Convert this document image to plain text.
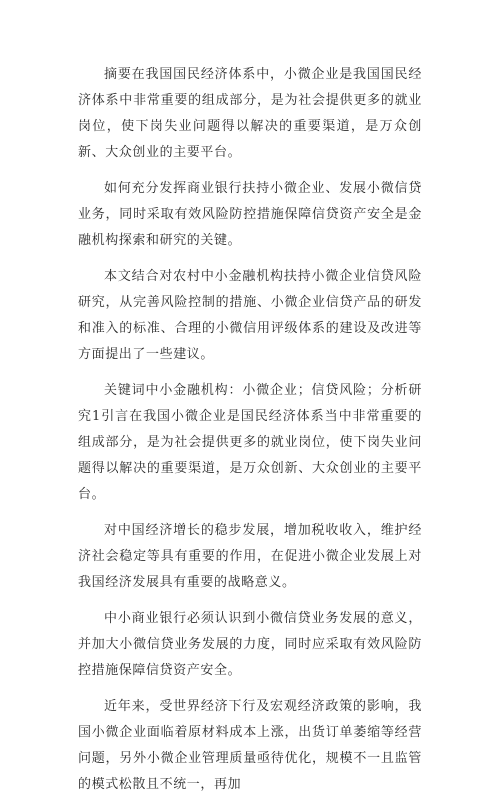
摘要在我国国民经济体系中，小微企业是我国国民经济体系中非常重要的组成部分，是为社会提供更多的就业岗位，使下岗失业问题得以解决的重要渠道，是万众创新、大众创业的主要平台。

如何充分发挥商业银行扶持小微企业、发展小微信贷业务，同时采取有效风险防控措施保障信贷资产安全是金融机构探索和研究的关键。

本文结合对农村中小金融机构扶持小微企业信贷风险研究，从完善风险控制的措施、小微企业信贷产品的研发和准入的标准、合理的小微信用评级体系的建设及改进等方面提出了一些建议。

关键词中小金融机构：小微企业；信贷风险；分析研究1引言在我国小微企业是国民经济体系当中非常重要的组成部分，是为社会提供更多的就业岗位，使下岗失业问题得以解决的重要渠道，是万众创新、大众创业的主要平台。

对中国经济增长的稳步发展，增加税收收入，维护经济社会稳定等具有重要的作用，在促进小微企业发展上对我国经济发展具有重要的战略意义。

中小商业银行必须认识到小微信贷业务发展的意义，并加大小微信贷业务发展的力度，同时应采取有效风险防控措施保障信贷资产安全。

近年来，受世界经济下行及宏观经济政策的影响，我国小微企业面临着原材料成本上涨，出货订单萎缩等经营问题，另外小微企业管理质量亟待优化，规模不一且监管的模式松散且不统一，再加
